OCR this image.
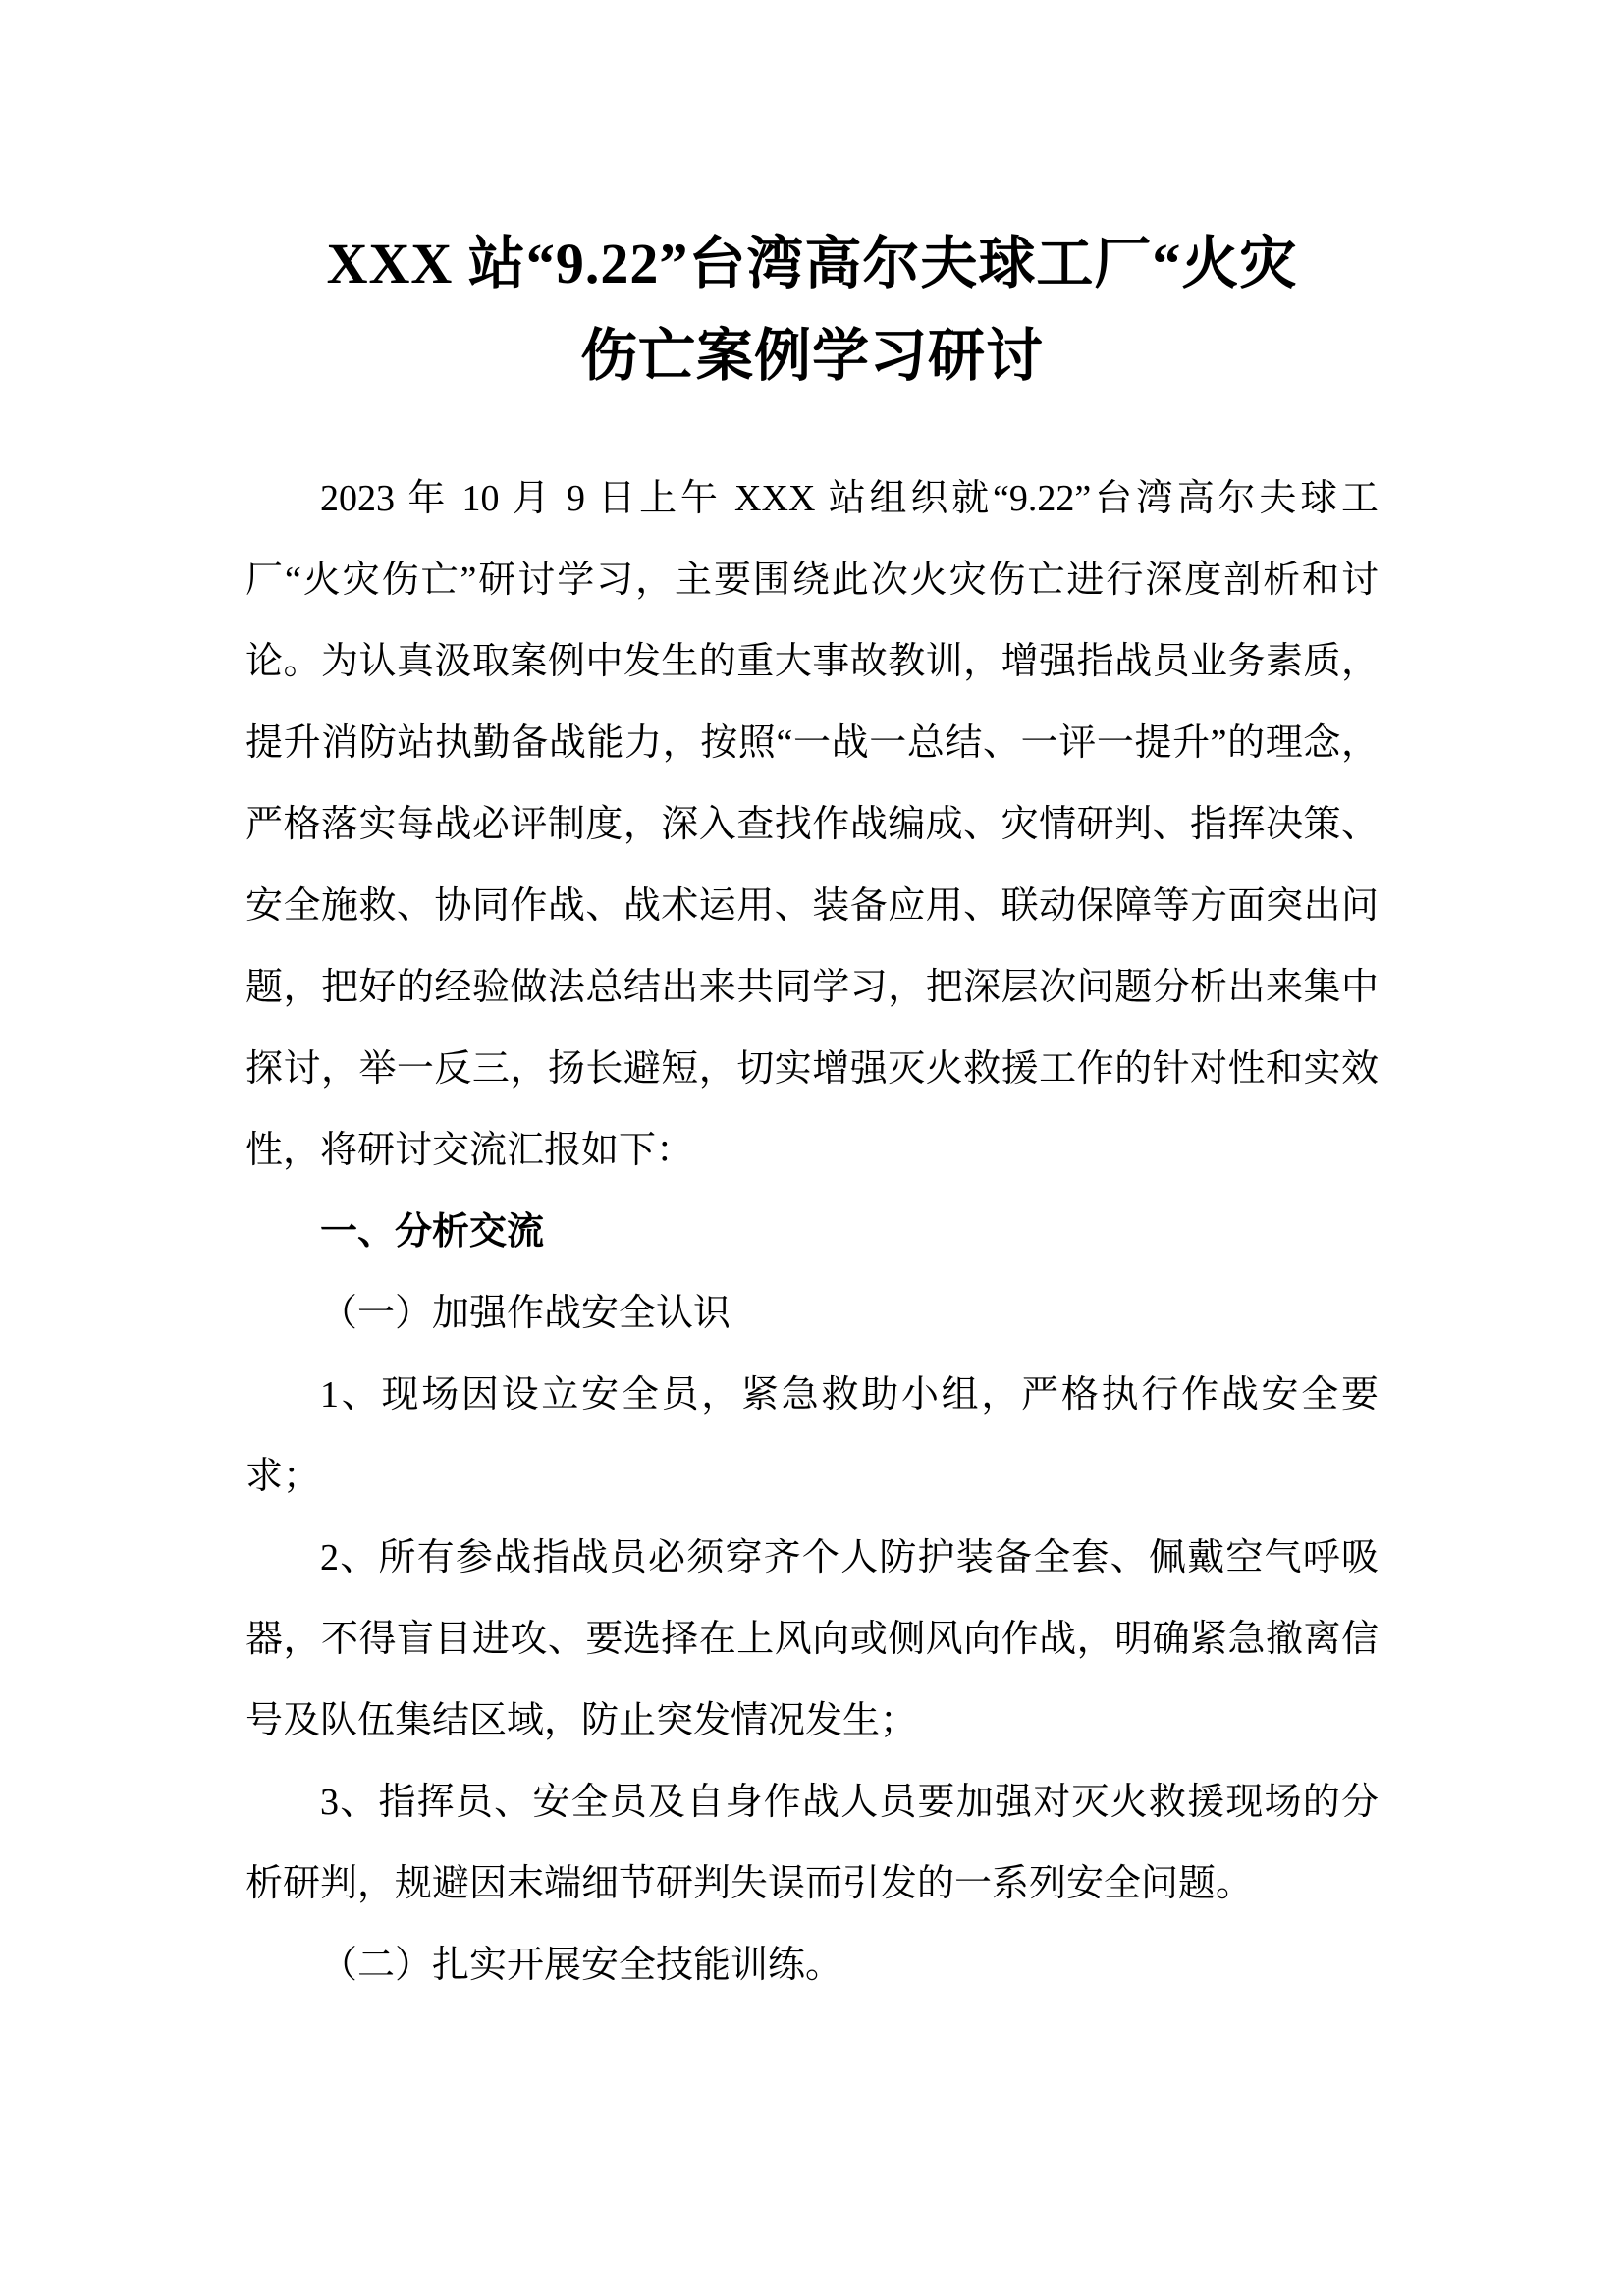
XXX 站“9.22”台湾高尔夫球工厂“火灾
伤亡案例学习研讨

2023 年 10 月 9 日上午 XXX 站组织就“9.22”台湾高尔夫球工厂“火灾伤亡”研讨学习，主要围绕此次火灾伤亡进行深度剖析和讨论。为认真汲取案例中发生的重大事故教训，增强指战员业务素质，提升消防站执勤备战能力，按照“一战一总结、一评一提升”的理念，严格落实每战必评制度，深入查找作战编成、灾情研判、指挥决策、安全施救、协同作战、战术运用、装备应用、联动保障等方面突出问题，把好的经验做法总结出来共同学习，把深层次问题分析出来集中探讨，举一反三，扬长避短，切实增强灭火救援工作的针对性和实效性，将研讨交流汇报如下：

一、分析交流

（一）加强作战安全认识

1、现场因设立安全员，紧急救助小组，严格执行作战安全要求；

2、所有参战指战员必须穿齐个人防护装备全套、佩戴空气呼吸器，不得盲目进攻、要选择在上风向或侧风向作战，明确紧急撤离信号及队伍集结区域，防止突发情况发生；

3、指挥员、安全员及自身作战人员要加强对灭火救援现场的分析研判，规避因末端细节研判失误而引发的一系列安全问题。

（二）扎实开展安全技能训练。
